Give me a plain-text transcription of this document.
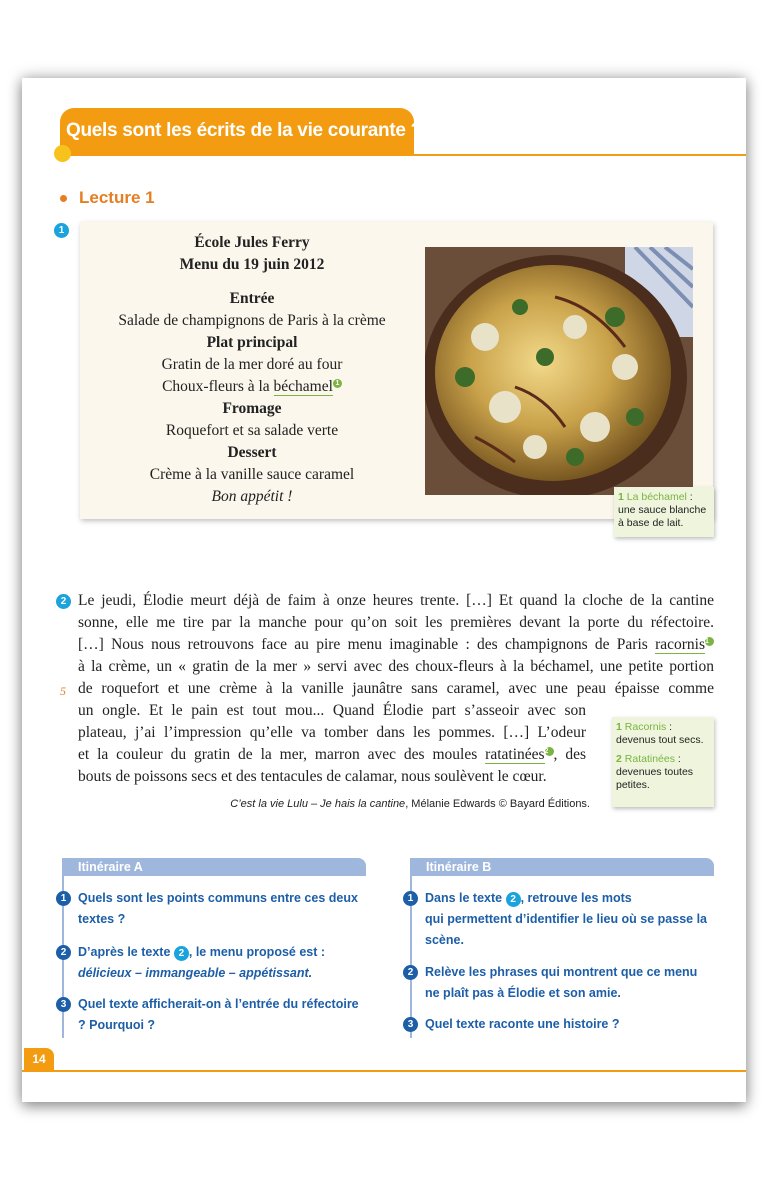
Quels sont les écrits de la vie courante ?
Lecture 1
1
École Jules Ferry
Menu du 19 juin 2012
Entrée
Salade de champignons de Paris à la crème
Plat principal
Gratin de la mer doré au four
Choux-fleurs à la béchamel 1
Fromage
Roquefort et sa salade verte
Dessert
Crème à la vanille sauce caramel
Bon appétit !	1 La béchamel : une sauce blanche à base de lait.
2
5
Le jeudi, Élodie meurt déjà de faim à onze heures trente. […] Et quand la cloche de la cantine
sonne, elle me tire par la manche pour qu’on soit les premières devant la porte du réfectoire.
[…] Nous nous retrouvons face au pire menu imaginable : des champignons de Paris racornis1
à la crème, un « gratin de la mer » servi avec des choux-fleurs à la béchamel, une petite portion
de roquefort et une crème à la vanille jaunâtre sans caramel, avec une peau épaisse comme
un ongle. Et le pain est tout mou... Quand Élodie part s’asseoir avec son
plateau, j’ai l’impression qu’elle va tomber dans les pommes. […] L’odeur
et la couleur du gratin de la mer, marron avec des moules ratatinées2 , des
bouts de poissons secs et des tentacules de calamar, nous soulèvent le cœur.
C’est la vie Lulu – Je hais la cantine, Mélanie Edwards © Bayard Éditions.
1 Racornis :
devenus tout secs.
2 Ratatinées :
devenues toutes petites.
Itinéraire A
1 Quels sont les points communs entre ces deux textes ?
2 D’après le texte 2 , le menu proposé est :
délicieux – immangeable – appétissant.
3 Quel texte afficherait-on à l’entrée du réfectoire ? Pourquoi ?
Itinéraire B
1 Dans le texte 2 , retrouve les mots
qui permettent d’identifier le lieu où se passe la scène.
2 Relève les phrases qui montrent que ce menu ne plaît pas à Élodie et son amie.
3 Quel texte raconte une histoire ?
14
